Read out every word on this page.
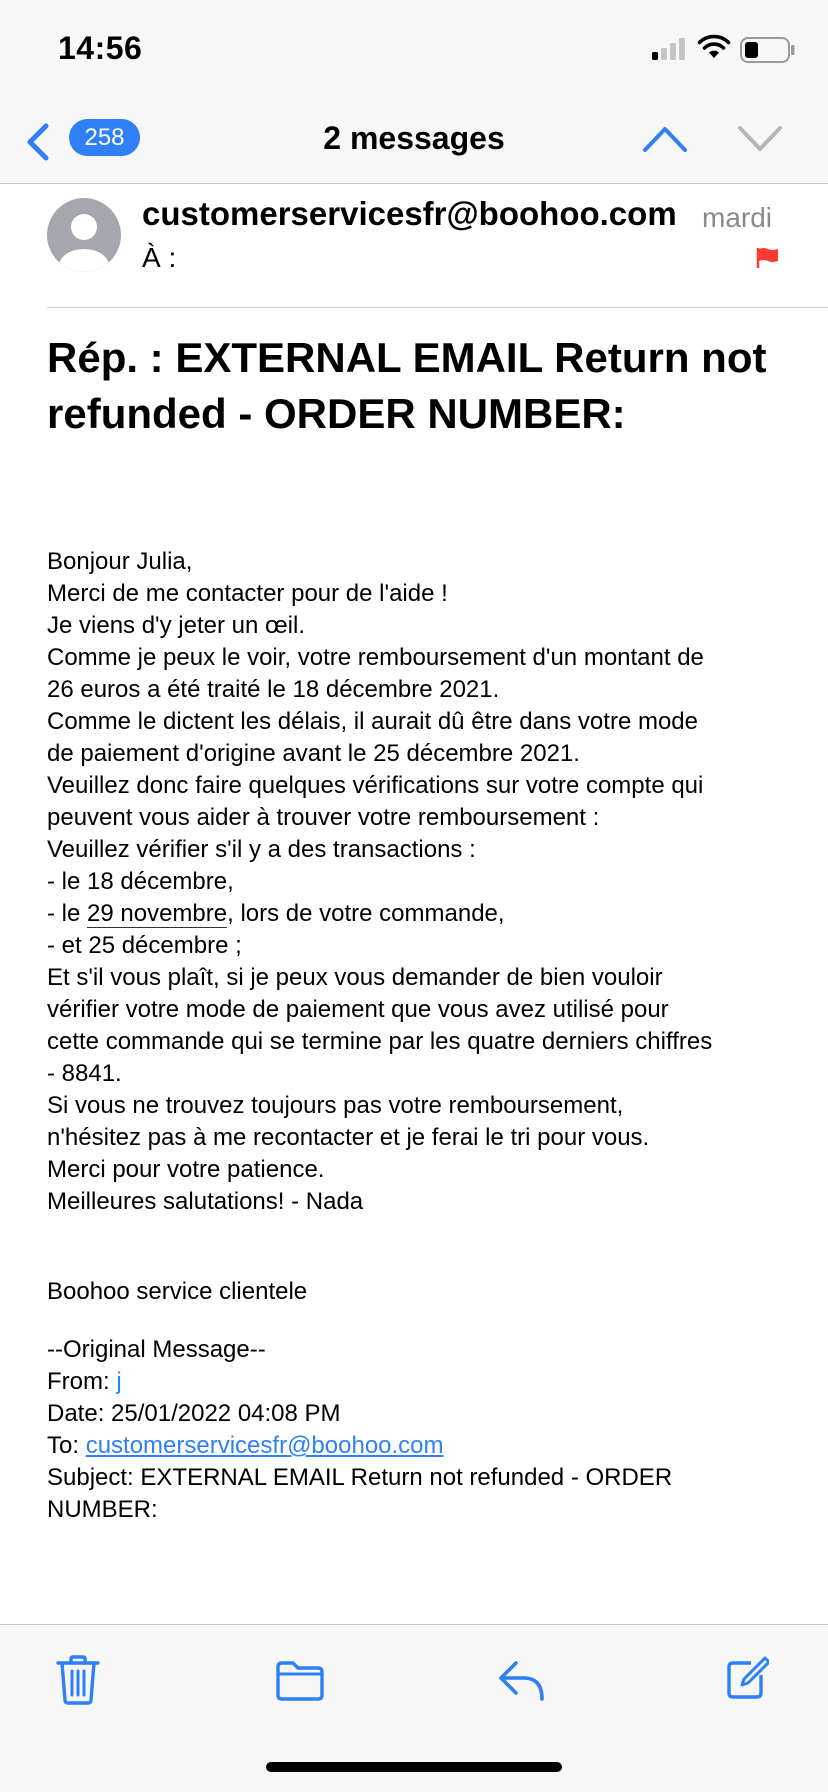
14:56
258	2 messages
customerservicesfr@boohoo.com
À :
mardi
Rép. : EXTERNAL EMAIL Return not refunded - ORDER NUMBER:
Bonjour Julia,
Merci de me contacter pour de l'aide !
Je viens d'y jeter un œil.
Comme je peux le voir, votre remboursement d'un montant de
26 euros a été traité le 18 décembre 2021.
Comme le dictent les délais, il aurait dû être dans votre mode
de paiement d'origine avant le 25 décembre 2021.
Veuillez donc faire quelques vérifications sur votre compte qui
peuvent vous aider à trouver votre remboursement :
Veuillez vérifier s'il y a des transactions :
- le 18 décembre,
- le 29 novembre, lors de votre commande,
- et 25 décembre ;
Et s'il vous plaît, si je peux vous demander de bien vouloir
vérifier votre mode de paiement que vous avez utilisé pour
cette commande qui se termine par les quatre derniers chiffres
- 8841.
Si vous ne trouvez toujours pas votre remboursement,
n'hésitez pas à me recontacter et je ferai le tri pour vous.
Merci pour votre patience.
Meilleures salutations! - Nada
Boohoo service clientele
--Original Message--
From: j
Date: 25/01/2022 04:08 PM
To: customerservicesfr@boohoo.com
Subject: EXTERNAL EMAIL Return not refunded - ORDER
NUMBER:
